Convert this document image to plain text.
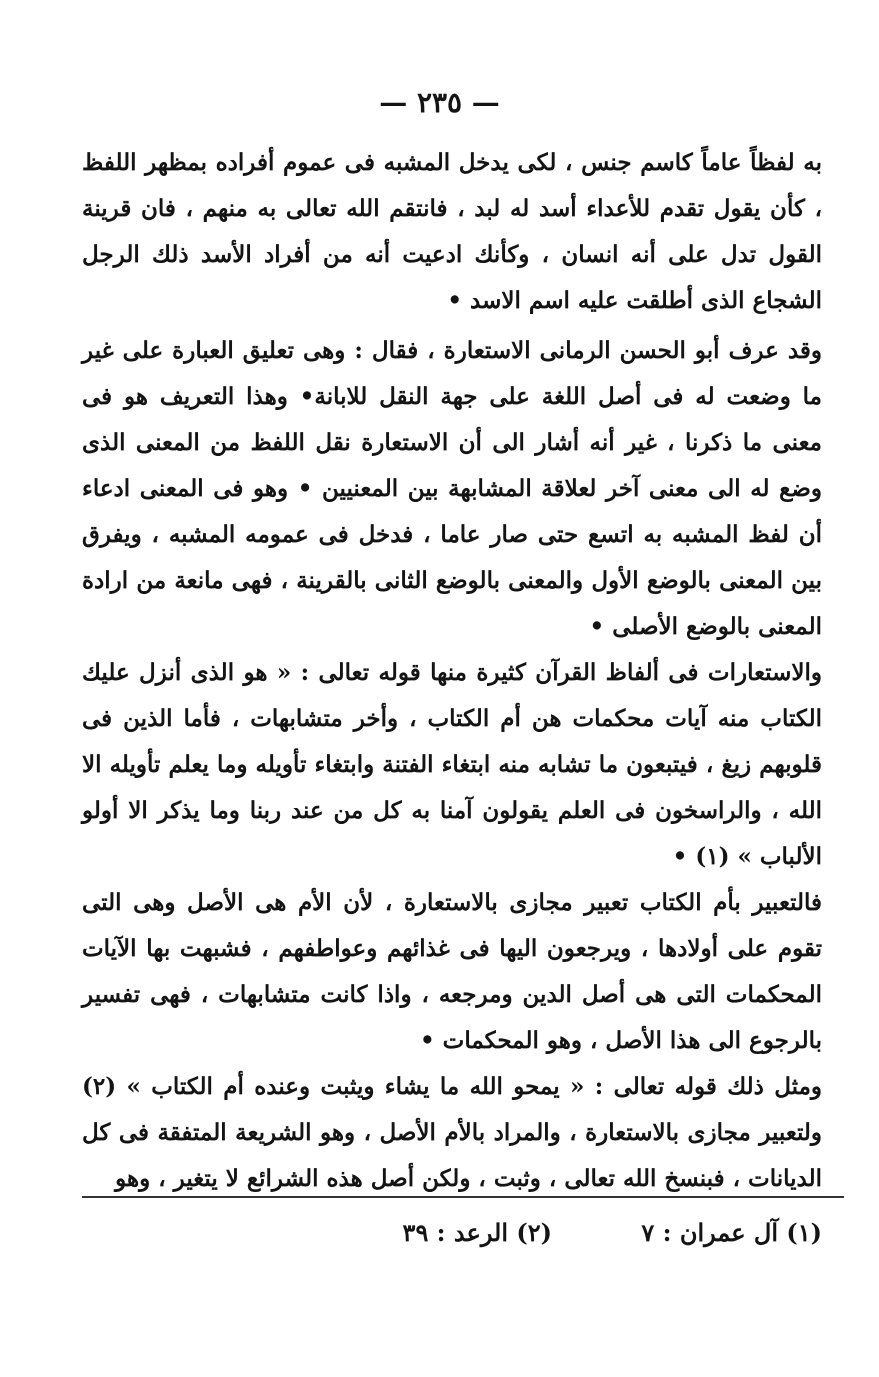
— ٢٣٥ —

به لفظاً عاماً كاسم جنس ، لكى يدخل المشبه فى عموم أفراده بمظهر اللفظ ، كأن يقول تقدم للأعداء أسد له لبد ، فانتقم الله تعالى به منهم ، فان قرينة القول تدل على أنه انسان ، وكأنك ادعيت أنه من أفراد الأسد ذلك الرجل الشجاع الذى أطلقت عليه اسم الاسد •

وقد عرف أبو الحسن الرمانى الاستعارة ، فقال : وهى تعليق العبارة على غير ما وضعت له فى أصل اللغة على جهة النقل للابانة• وهذا التعريف هو فى معنى ما ذكرنا ، غير أنه أشار الى أن الاستعارة نقل اللفظ من المعنى الذى وضع له الى معنى آخر لعلاقة المشابهة بين المعنيين • وهو فى المعنى ادعاء أن لفظ المشبه به اتسع حتى صار عاما ، فدخل فى عمومه المشبه ، ويفرق بين المعنى بالوضع الأول والمعنى بالوضع الثانى بالقرينة ، فهى مانعة من ارادة المعنى بالوضع الأصلى •

والاستعارات فى ألفاظ القرآن كثيرة منها قوله تعالى : « هو الذى أنزل عليك الكتاب منه آيات محكمات هن أم الكتاب ، وأخر متشابهات ، فأما الذين فى قلوبهم زيغ ، فيتبعون ما تشابه منه ابتغاء الفتنة وابتغاء تأويله وما يعلم تأويله الا الله ، والراسخون فى العلم يقولون آمنا به كل من عند ربنا وما يذكر الا أولو الألباب » (١) •

فالتعبير بأم الكتاب تعبير مجازى بالاستعارة ، لأن الأم هى الأصل وهى التى تقوم على أولادها ، ويرجعون اليها فى غذائهم وعواطفهم ، فشبهت بها الآيات المحكمات التى هى أصل الدين ومرجعه ، واذا كانت متشابهات ، فهى تفسير بالرجوع الى هذا الأصل ، وهو المحكمات •

ومثل ذلك قوله تعالى : « يمحو الله ما يشاء ويثبت وعنده أم الكتاب » (٢) ولتعبير مجازى بالاستعارة ، والمراد بالأم الأصل ، وهو الشريعة المتفقة فى كل الديانات ، فبنسخ الله تعالى ، وثبت ، ولكن أصل هذه الشرائع لا يتغير ، وهو

(١) آل عمران : ٧
(٢) الرعد : ٣٩
